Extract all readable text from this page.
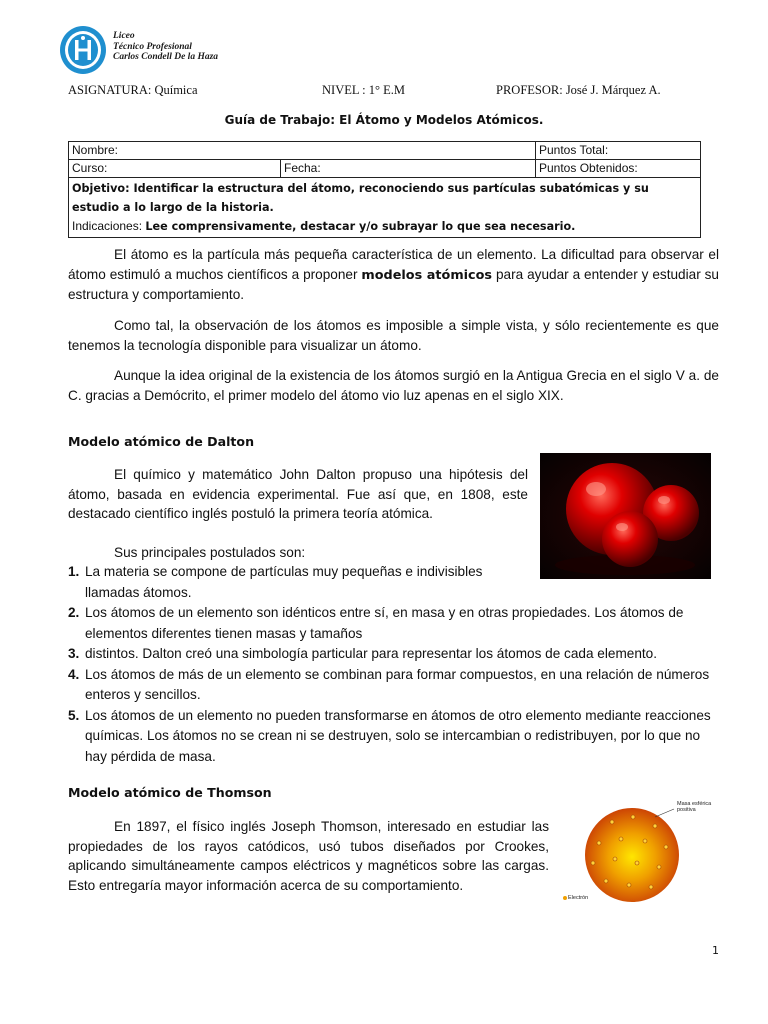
Liceo
Técnico Profesional
Carlos Condell De la Haza
ASIGNATURA: Química	NIVEL : 1° E.M	PROFESOR: José J. Márquez A.
Guía de Trabajo: El Átomo y Modelos Atómicos.
Nombre:		Puntos Total:
Curso:	Fecha:	Puntos Obtenidos:
Objetivo: Identificar la estructura del átomo, reconociendo sus partículas subatómicas y su estudio a lo largo de la historia.
Indicaciones: Lee comprensivamente, destacar y/o subrayar lo que sea necesario.		
El átomo es la partícula más pequeña característica de un elemento. La dificultad para observar el átomo estimuló a muchos científicos a proponer modelos atómicos para ayudar a entender y estudiar su estructura y comportamiento.
Como tal, la observación de los átomos es imposible a simple vista, y sólo recientemente es que tenemos la tecnología disponible para visualizar un átomo.
Aunque la idea original de la existencia de los átomos surgió en la Antigua Grecia en el siglo V a. de C. gracias a Demócrito, el primer modelo del átomo vio luz apenas en el siglo XIX.
Modelo atómico de Dalton
El químico y matemático John Dalton propuso una hipótesis del átomo, basada en evidencia experimental. Fue así que, en 1808, este destacado científico inglés postuló la primera teoría atómica.
Sus principales postulados son:
1. La materia se compone de partículas muy pequeñas e indivisibles llamadas átomos.
2. Los átomos de un elemento son idénticos entre sí, en masa y en otras propiedades. Los átomos de elementos diferentes tienen masas y tamaños
3. distintos. Dalton creó una simbología particular para representar los átomos de cada elemento.
4. Los átomos de más de un elemento se combinan para formar compuestos, en una relación de números enteros y sencillos.
5. Los átomos de un elemento no pueden transformarse en átomos de otro elemento mediante reacciones químicas. Los átomos no se crean ni se destruyen, solo se intercambian o redistribuyen, por lo que no hay pérdida de masa.
Modelo atómico de Thomson
En 1897, el físico inglés Joseph Thomson, interesado en estudiar las propiedades de los rayos catódicos, usó tubos diseñados por Crookes, aplicando simultáneamente campos eléctricos y magnéticos sobre las cargas. Esto entregaría mayor información acerca de su comportamiento.
Masa esférica
positiva
Electrón
1
